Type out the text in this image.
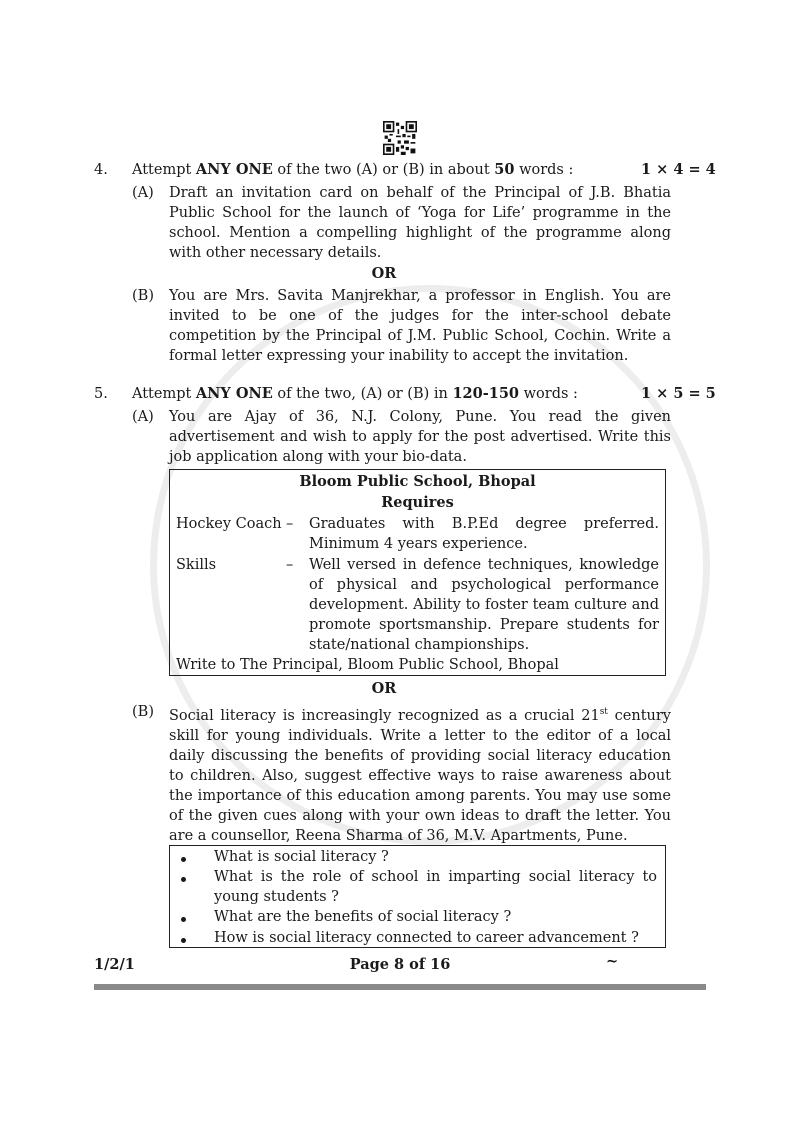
4. Attempt ANY ONE of the two (A) or (B) in about 50 words :	1 × 4 = 4
(A) Draft an invitation card on behalf of the Principal of J.B. Bhatia Public School for the launch of ‘Yoga for Life’ programme in the school. Mention a compelling highlight of the programme along with other necessary details.
OR
(B) You are Mrs. Savita Manjrekhar, a professor in English. You are invited to be one of the judges for the inter-school debate competition by the Principal of J.M. Public School, Cochin. Write a formal letter expressing your inability to accept the invitation.
5. Attempt ANY ONE of the two, (A) or (B) in 120-150 words :	1 × 5 = 5
(A) You are Ajay of 36, N.J. Colony, Pune. You read the given advertisement and wish to apply for the post advertised. Write this job application along with your bio-data.
Bloom Public School, Bhopal
Requires
Hockey Coach – Graduates with B.P.Ed degree preferred. Minimum 4 years experience.
Skills	– Well versed in defence techniques, knowledge of physical and psychological performance development. Ability to foster team culture and promote sportsmanship. Prepare students for state/national championships.
Write to The Principal, Bloom Public School, Bhopal
OR
(B) Social literacy is increasingly recognized as a crucial 21st century skill for young individuals. Write a letter to the editor of a local daily discussing the benefits of providing social literacy education to children. Also, suggest effective ways to raise awareness about the importance of this education among parents. You may use some of the given cues along with your own ideas to draft the letter. You are a counsellor, Reena Sharma of 36, M.V. Apartments, Pune.
What is social literacy ?
What is the role of school in imparting social literacy to young students ?
What are the benefits of social literacy ?
How is social literacy connected to career advancement ?
1/2/1	Page 8 of 16	~
